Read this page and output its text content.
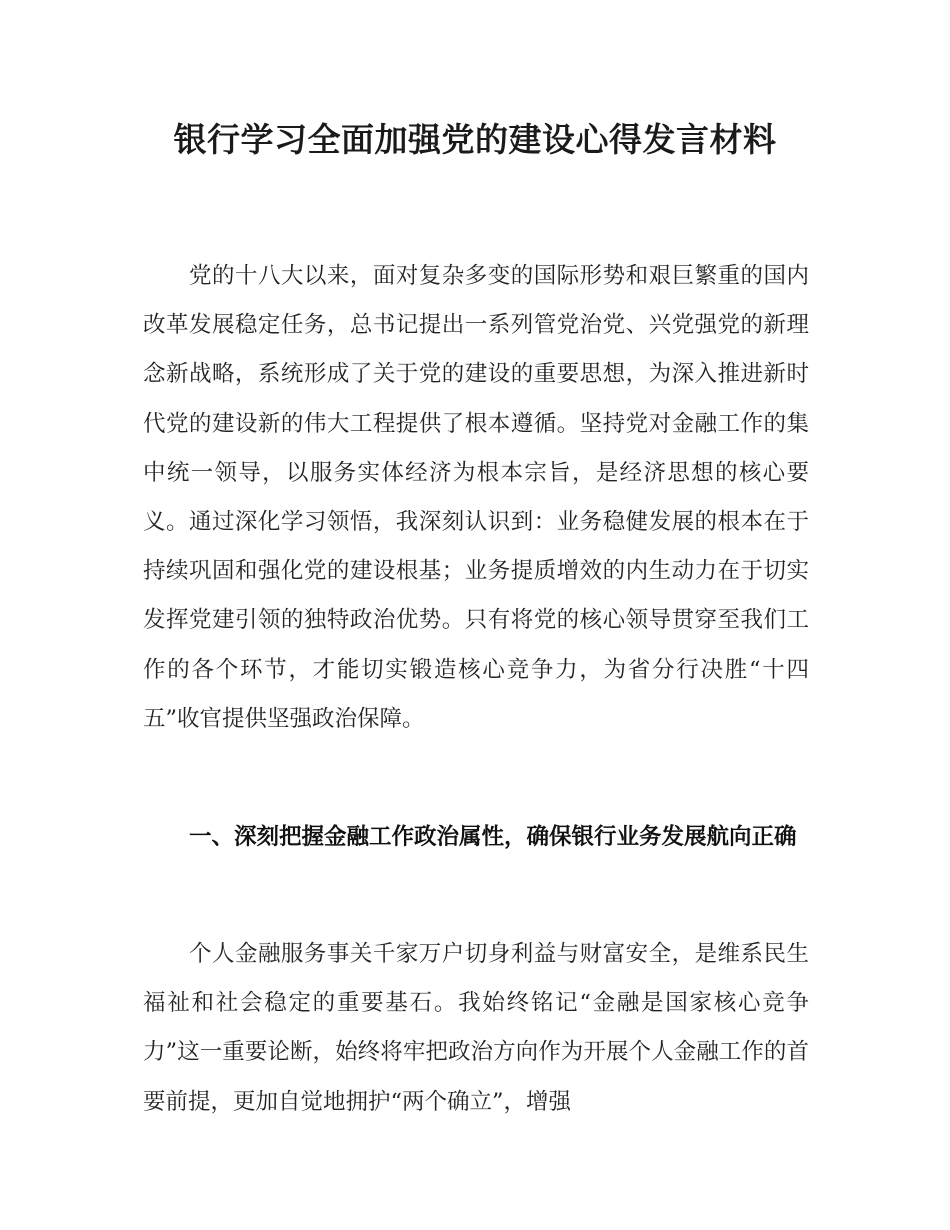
银行学习全面加强党的建设心得发言材料

党的十八大以来，面对复杂多变的国际形势和艰巨繁重的国内改革发展稳定任务，总书记提出一系列管党治党、兴党强党的新理念新战略，系统形成了关于党的建设的重要思想，为深入推进新时代党的建设新的伟大工程提供了根本遵循。坚持党对金融工作的集中统一领导，以服务实体经济为根本宗旨，是经济思想的核心要义。通过深化学习领悟，我深刻认识到：业务稳健发展的根本在于持续巩固和强化党的建设根基；业务提质增效的内生动力在于切实发挥党建引领的独特政治优势。只有将党的核心领导贯穿至我们工作的各个环节，才能切实锻造核心竞争力，为省分行决胜“十四五”收官提供坚强政治保障。

一、深刻把握金融工作政治属性，确保银行业务发展航向正确

个人金融服务事关千家万户切身利益与财富安全，是维系民生福祉和社会稳定的重要基石。我始终铭记“金融是国家核心竞争力”这一重要论断，始终将牢把政治方向作为开展个人金融工作的首要前提，更加自觉地拥护“两个确立”，增强
